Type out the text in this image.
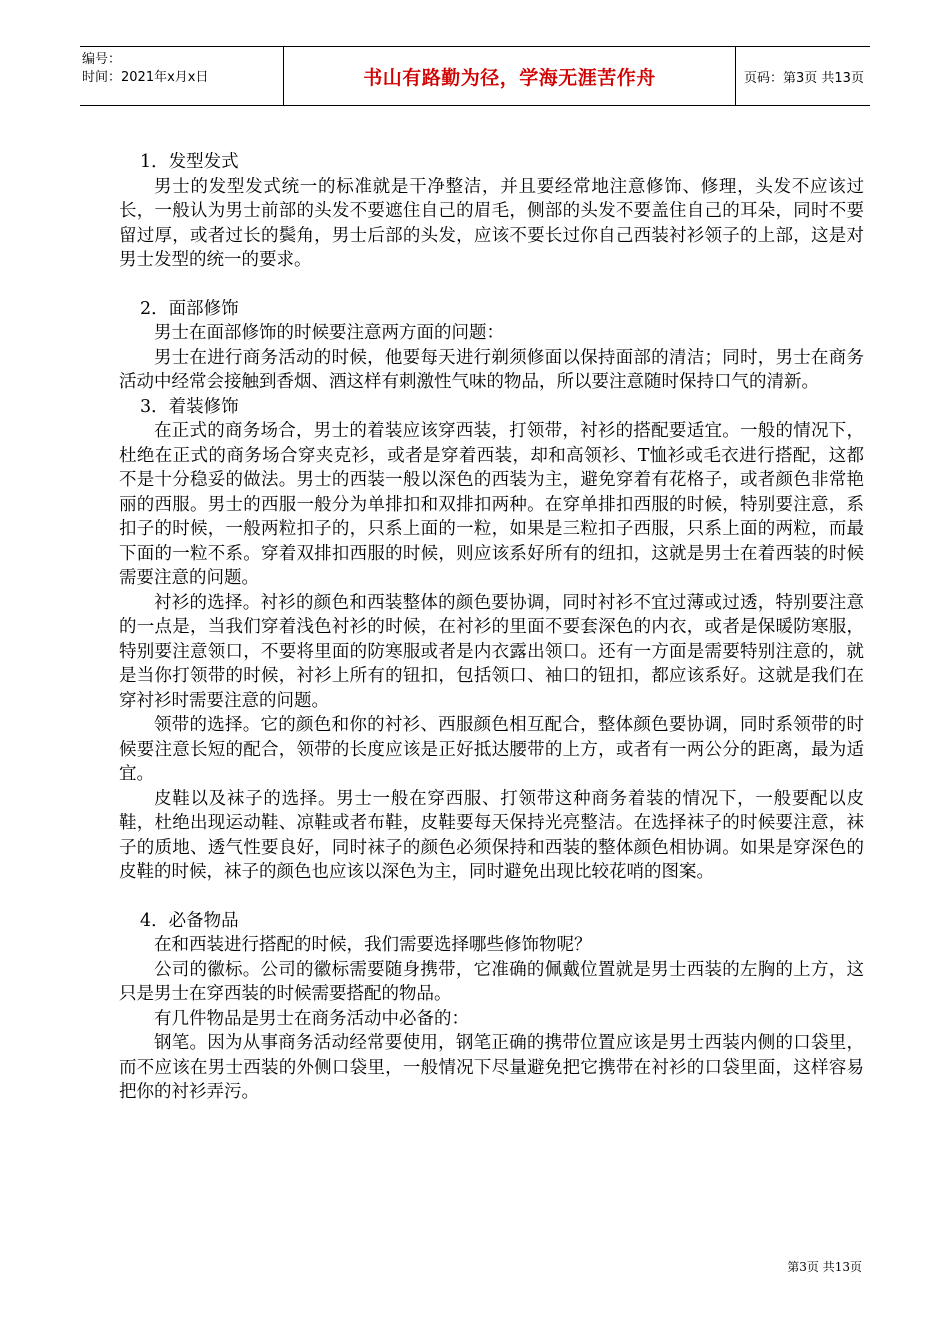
编号：
时间：2021年x月x日	书山有路勤为径，学海无涯苦作舟	页码：第3页 共13页

1．发型发式

男士的发型发式统一的标准就是干净整洁，并且要经常地注意修饰、修理，头发不应该过长，一般认为男士前部的头发不要遮住自己的眉毛，侧部的头发不要盖住自己的耳朵，同时不要留过厚，或者过长的鬓角，男士后部的头发，应该不要长过你自己西装衬衫领子的上部，这是对男士发型的统一的要求。

2．面部修饰

男士在面部修饰的时候要注意两方面的问题：

男士在进行商务活动的时候，他要每天进行剃须修面以保持面部的清洁；同时，男士在商务活动中经常会接触到香烟、酒这样有刺激性气味的物品，所以要注意随时保持口气的清新。

3．着装修饰

在正式的商务场合，男士的着装应该穿西装，打领带，衬衫的搭配要适宜。一般的情况下，杜绝在正式的商务场合穿夹克衫，或者是穿着西装，却和高领衫、T恤衫或毛衣进行搭配，这都不是十分稳妥的做法。男士的西装一般以深色的西装为主，避免穿着有花格子，或者颜色非常艳丽的西服。男士的西服一般分为单排扣和双排扣两种。在穿单排扣西服的时候，特别要注意，系扣子的时候，一般两粒扣子的，只系上面的一粒，如果是三粒扣子西服，只系上面的两粒，而最下面的一粒不系。穿着双排扣西服的时候，则应该系好所有的纽扣，这就是男士在着西装的时候需要注意的问题。

衬衫的选择。衬衫的颜色和西装整体的颜色要协调，同时衬衫不宜过薄或过透，特别要注意的一点是，当我们穿着浅色衬衫的时候，在衬衫的里面不要套深色的内衣，或者是保暖防寒服，特别要注意领口，不要将里面的防寒服或者是内衣露出领口。还有一方面是需要特别注意的，就是当你打领带的时候，衬衫上所有的钮扣，包括领口、袖口的钮扣，都应该系好。这就是我们在穿衬衫时需要注意的问题。

领带的选择。它的颜色和你的衬衫、西服颜色相互配合，整体颜色要协调，同时系领带的时候要注意长短的配合，领带的长度应该是正好抵达腰带的上方，或者有一两公分的距离，最为适宜。

皮鞋以及袜子的选择。男士一般在穿西服、打领带这种商务着装的情况下，一般要配以皮鞋，杜绝出现运动鞋、凉鞋或者布鞋，皮鞋要每天保持光亮整洁。在选择袜子的时候要注意，袜子的质地、透气性要良好，同时袜子的颜色必须保持和西装的整体颜色相协调。如果是穿深色的皮鞋的时候，袜子的颜色也应该以深色为主，同时避免出现比较花哨的图案。

4．必备物品

在和西装进行搭配的时候，我们需要选择哪些修饰物呢？

公司的徽标。公司的徽标需要随身携带，它准确的佩戴位置就是男士西装的左胸的上方，这只是男士在穿西装的时候需要搭配的物品。

有几件物品是男士在商务活动中必备的：

钢笔。因为从事商务活动经常要使用，钢笔正确的携带位置应该是男士西装内侧的口袋里，而不应该在男士西装的外侧口袋里，一般情况下尽量避免把它携带在衬衫的口袋里面，这样容易把你的衬衫弄污。

第3页 共13页
